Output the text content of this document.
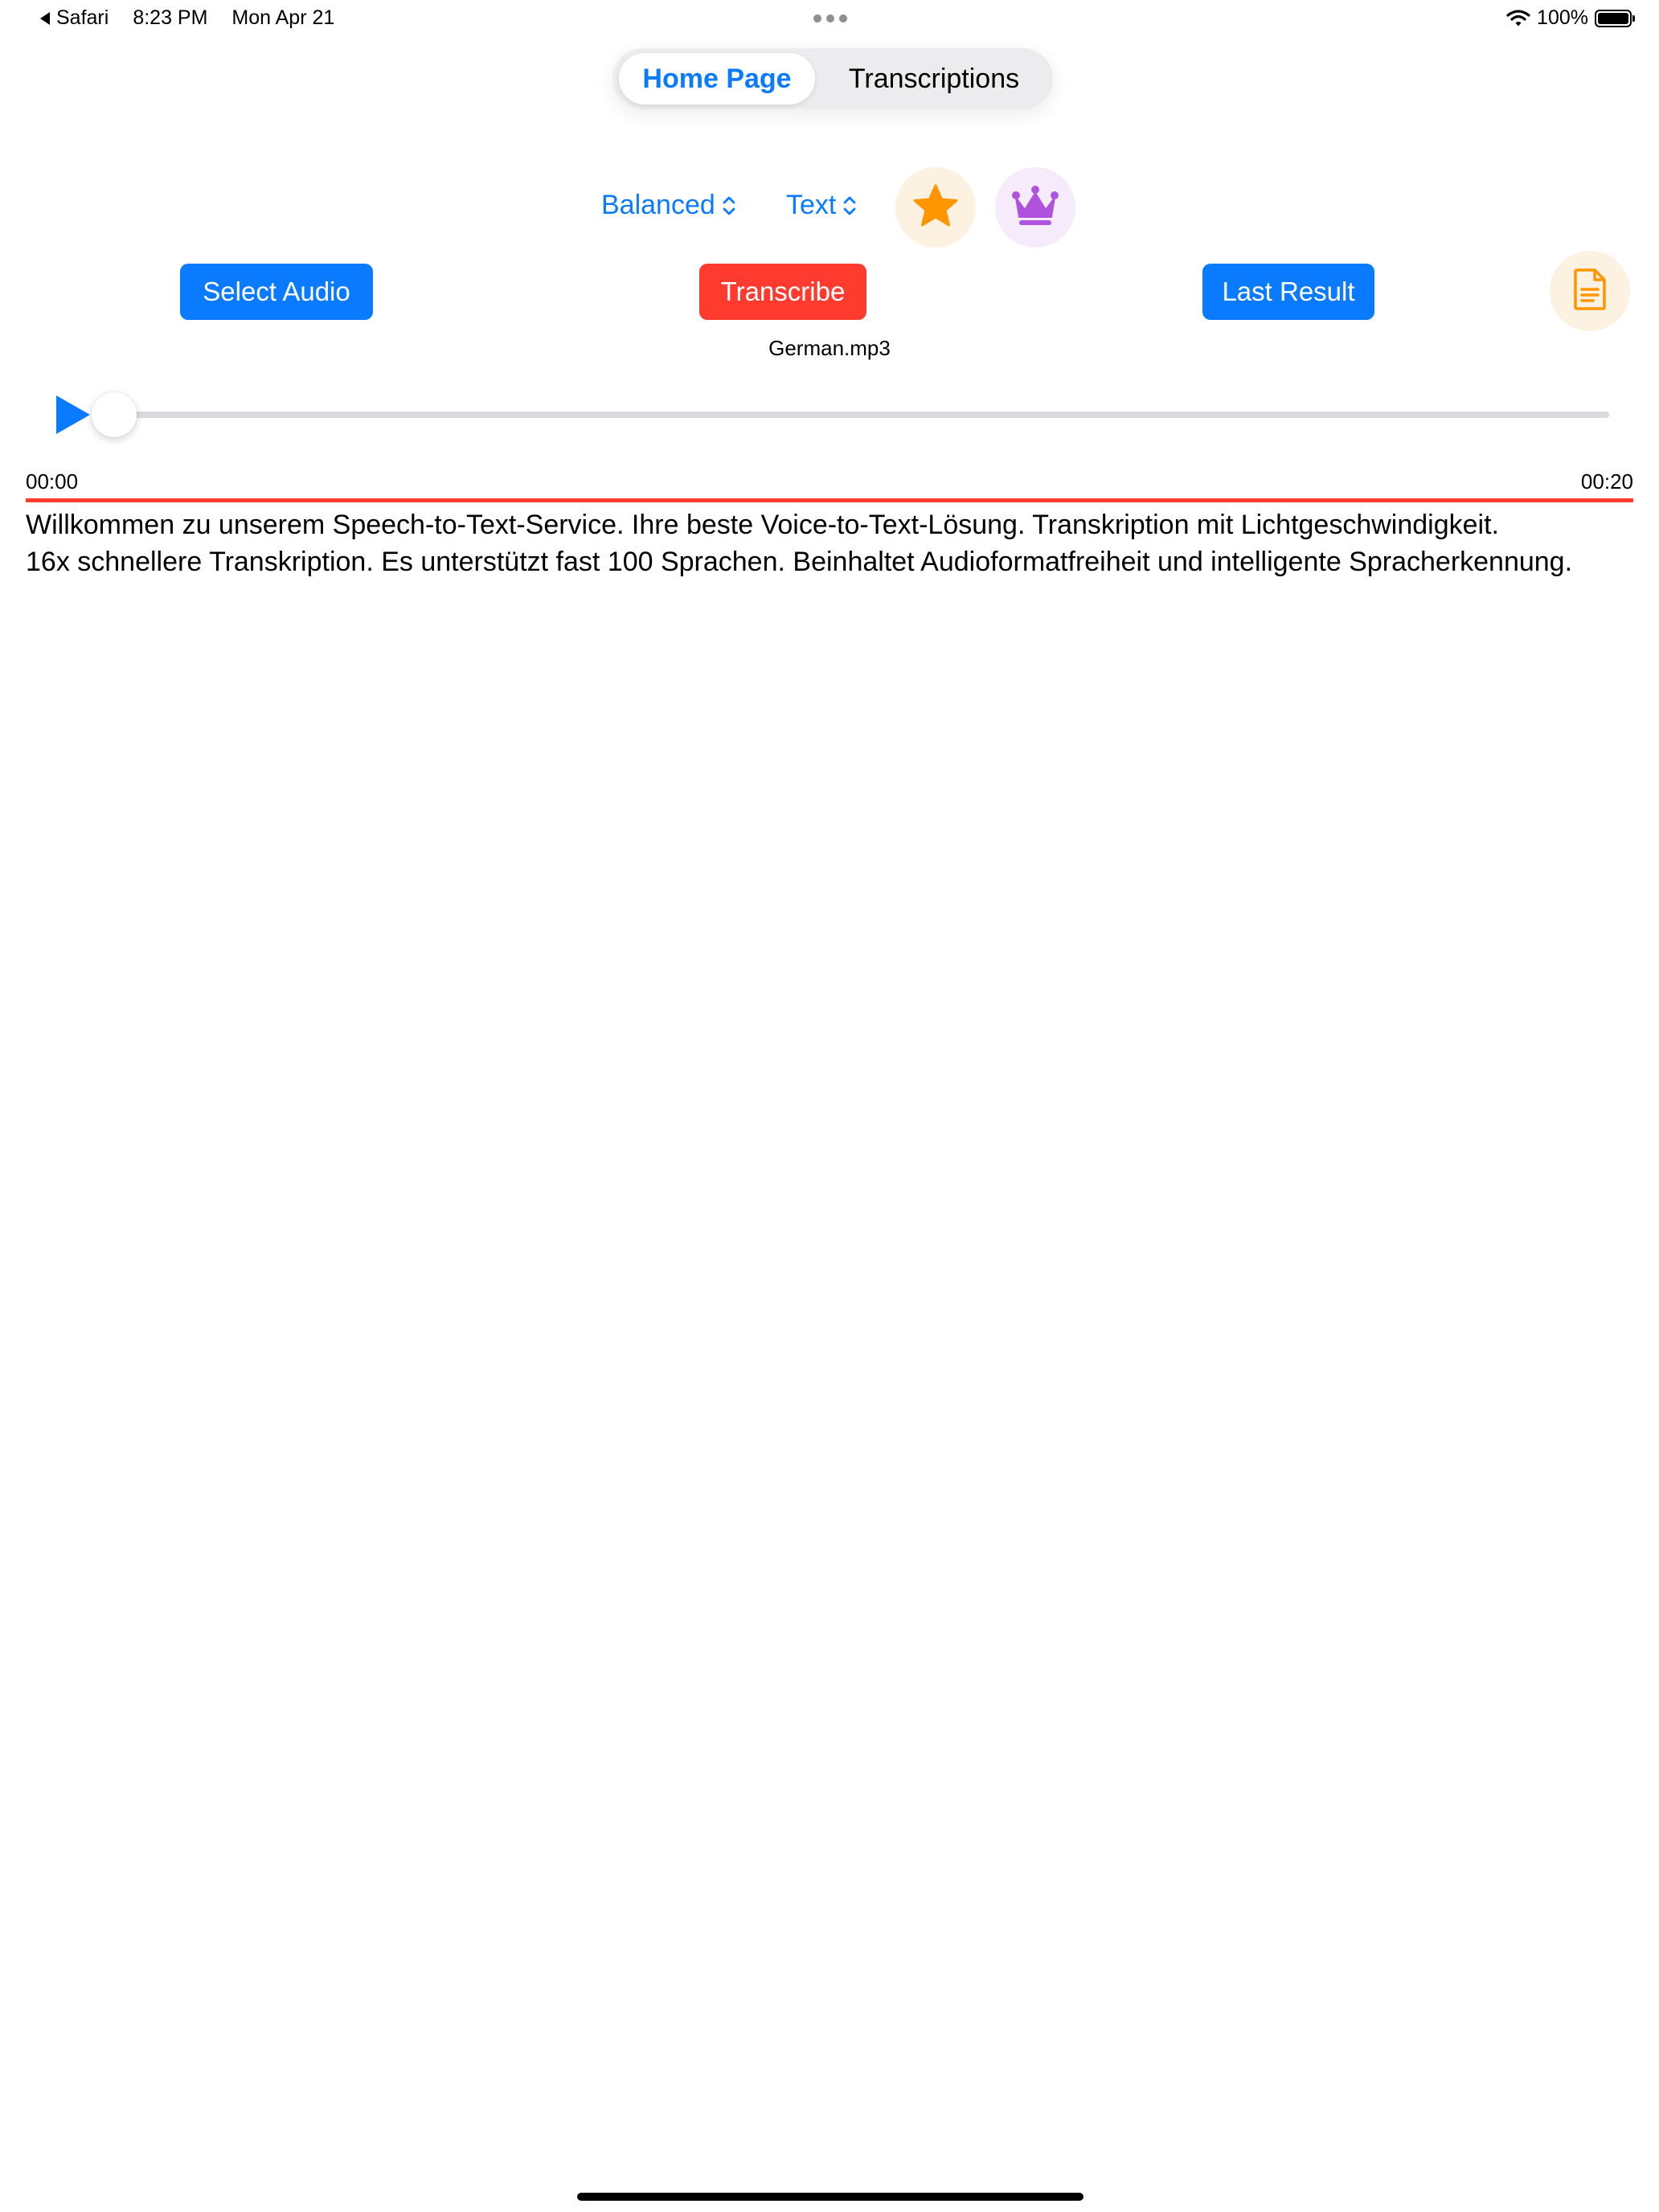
Safari 8:23 PM Mon Apr 21	100%
Home Page	Transcriptions
Balanced	Text
Select Audio	Transcribe	Last Result
German.mp3
00:00	00:20
Willkommen zu unserem Speech-to-Text-Service. Ihre beste Voice-to-Text-Lösung. Transkription mit Lichtgeschwindigkeit.
16x schnellere Transkription. Es unterstützt fast 100 Sprachen. Beinhaltet Audioformatfreiheit und intelligente Spracherkennung.
